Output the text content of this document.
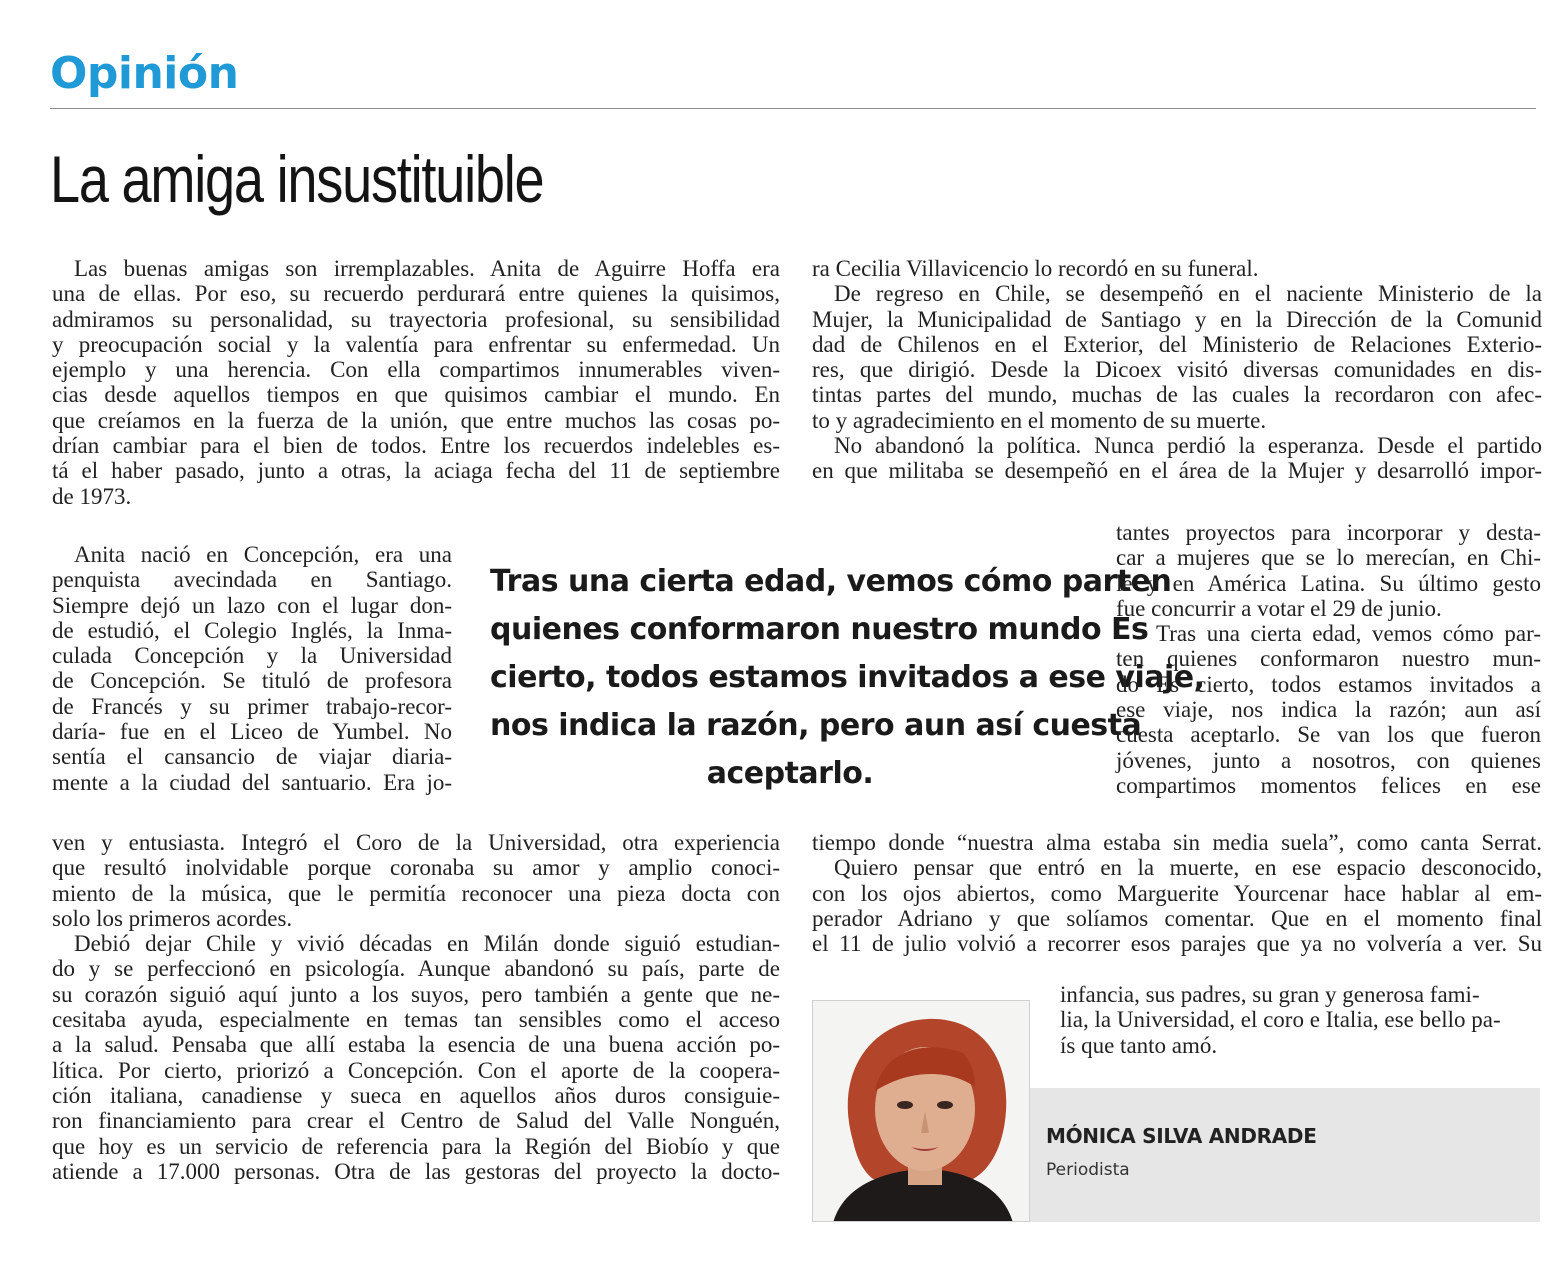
Opinión
La amiga insustituible
Las buenas amigas son irremplazables. Anita de Aguirre Hoffa era
una de ellas. Por eso, su recuerdo perdurará entre quienes la quisimos,
admiramos su personalidad, su trayectoria profesional, su sensibilidad
y preocupación social y la valentía para enfrentar su enfermedad. Un
ejemplo y una herencia. Con ella compartimos innumerables viven-
cias desde aquellos tiempos en que quisimos cambiar el mundo. En
que creíamos en la fuerza de la unión, que entre muchos las cosas po-
drían cambiar para el bien de todos. Entre los recuerdos indelebles es-
tá el haber pasado, junto a otras, la aciaga fecha del 11 de septiembre
de 1973.
Anita nació en Concepción, era una
penquista avecindada en Santiago.
Siempre dejó un lazo con el lugar don-
de estudió, el Colegio Inglés, la Inma-
culada Concepción y la Universidad
de Concepción. Se tituló de profesora
de Francés y su primer trabajo-recor-
daría- fue en el Liceo de Yumbel. No
sentía el cansancio de viajar diaria-
mente a la ciudad del santuario. Era jo-
ven y entusiasta. Integró el Coro de la Universidad, otra experiencia
que resultó inolvidable porque coronaba su amor y amplio conoci-
miento de la música, que le permitía reconocer una pieza docta con
solo los primeros acordes.
Debió dejar Chile y vivió décadas en Milán donde siguió estudian-
do y se perfeccionó en psicología. Aunque abandonó su país, parte de
su corazón siguió aquí junto a los suyos, pero también a gente que ne-
cesitaba ayuda, especialmente en temas tan sensibles como el acceso
a la salud. Pensaba que allí estaba la esencia de una buena acción po-
lítica. Por cierto, priorizó a Concepción. Con el aporte de la coopera-
ción italiana, canadiense y sueca en aquellos años duros consiguie-
ron financiamiento para crear el Centro de Salud del Valle Nonguén,
que hoy es un servicio de referencia para la Región del Biobío y que
atiende a 17.000 personas. Otra de las gestoras del proyecto la docto-
ra Cecilia Villavicencio lo recordó en su funeral.
De regreso en Chile, se desempeñó en el naciente Ministerio de la
Mujer, la Municipalidad de Santiago y en la Dirección de la Comunid
dad de Chilenos en el Exterior, del Ministerio de Relaciones Exterio-
res, que dirigió. Desde la Dicoex visitó diversas comunidades en dis-
tintas partes del mundo, muchas de las cuales la recordaron con afec-
to y agradecimiento en el momento de su muerte.
No abandonó la política. Nunca perdió la esperanza. Desde el partido
en que militaba se desempeñó en el área de la Mujer y desarrolló impor-
Tras una cierta edad, vemos cómo parten
quienes conformaron nuestro mundo Es
cierto, todos estamos invitados a ese viaje,
nos indica la razón, pero aun así cuesta
aceptarlo.
tantes proyectos para incorporar y desta-
car a mujeres que se lo merecían, en Chi-
le y en América Latina. Su último gesto
fue concurrir a votar el 29 de junio.
Tras una cierta edad, vemos cómo par-
ten quienes conformaron nuestro mun-
do Es cierto, todos estamos invitados a
ese viaje, nos indica la razón; aun así
cuesta aceptarlo. Se van los que fueron
jóvenes, junto a nosotros, con quienes
compartimos momentos felices en ese
tiempo donde “nuestra alma estaba sin media suela”, como canta Serrat.
Quiero pensar que entró en la muerte, en ese espacio desconocido,
con los ojos abiertos, como Marguerite Yourcenar hace hablar al em-
perador Adriano y que solíamos comentar. Que en el momento final
el 11 de julio volvió a recorrer esos parajes que ya no volvería a ver. Su
infancia, sus padres, su gran y generosa fami-
lia, la Universidad, el coro e Italia, ese bello pa-
ís que tanto amó.
MÓNICA SILVA ANDRADE
Periodista
